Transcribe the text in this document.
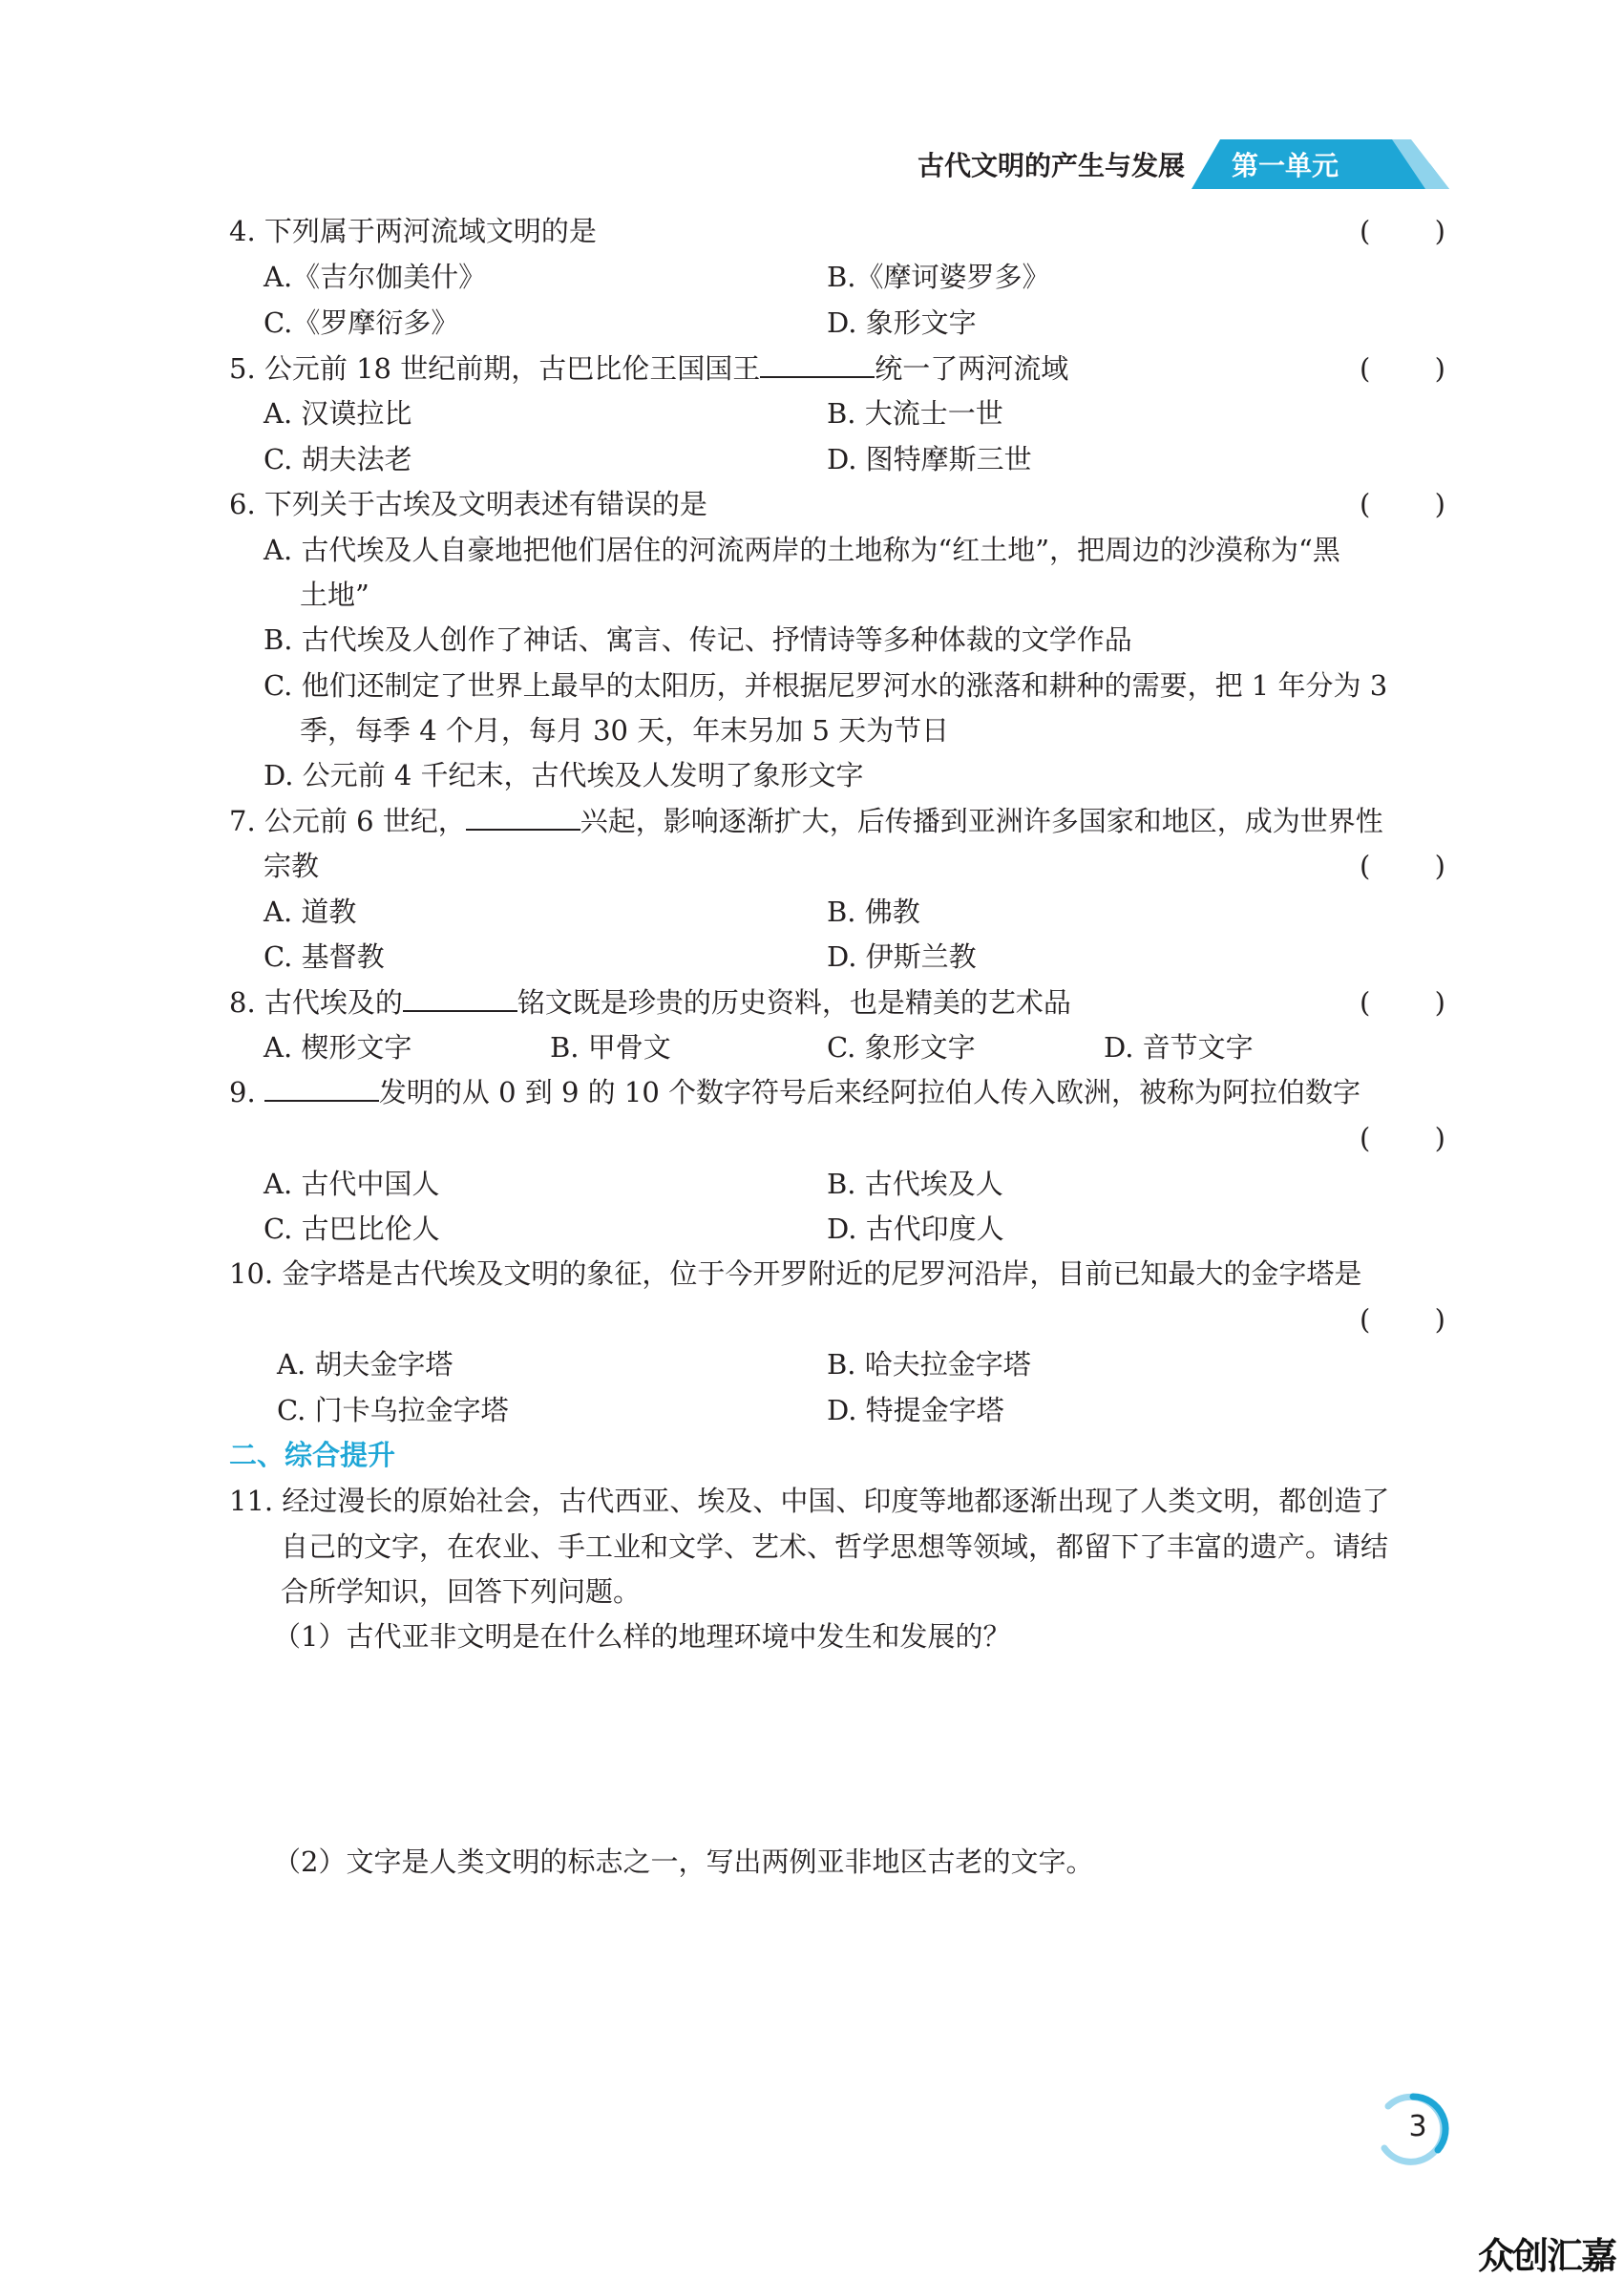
古代文明的产生与发展 第一单元
4. 下列属于两河流域文明的是	( )
A.《吉尔伽美什》	B.《摩诃婆罗多》
C.《罗摩衍多》	D. 象形文字
5. 公元前 18 世纪前期，古巴比伦王国国王	统一了两河流域	( )
A. 汉谟拉比	B. 大流士一世
C. 胡夫法老	D. 图特摩斯三世
6. 下列关于古埃及文明表述有错误的是	( )
A. 古代埃及人自豪地把他们居住的河流两岸的土地称为“红土地”，把周边的沙漠称为“黑
土地”
B. 古代埃及人创作了神话、寓言、传记、抒情诗等多种体裁的文学作品
C. 他们还制定了世界上最早的太阳历，并根据尼罗河水的涨落和耕种的需要，把 1 年分为 3
季，每季 4 个月，每月 30 天，年末另加 5 天为节日
D. 公元前 4 千纪末，古代埃及人发明了象形文字
7. 公元前 6 世纪，	兴起，影响逐渐扩大，后传播到亚洲许多国家和地区，成为世界性
宗教	( )
A. 道教	B. 佛教
C. 基督教	D. 伊斯兰教
8. 古代埃及的	铭文既是珍贵的历史资料，也是精美的艺术品	( )
A. 楔形文字	B. 甲骨文	C. 象形文字	D. 音节文字
9.	发明的从 0 到 9 的 10 个数字符号后来经阿拉伯人传入欧洲，被称为阿拉伯数字
( )
A. 古代中国人	B. 古代埃及人
C. 古巴比伦人	D. 古代印度人
10. 金字塔是古代埃及文明的象征，位于今开罗附近的尼罗河沿岸，目前已知最大的金字塔是
( )
A. 胡夫金字塔	B. 哈夫拉金字塔
C. 门卡乌拉金字塔	D. 特提金字塔
二、综合提升
11. 经过漫长的原始社会，古代西亚、埃及、中国、印度等地都逐渐出现了人类文明，都创造了
自己的文字，在农业、手工业和文学、艺术、哲学思想等领域，都留下了丰富的遗产。请结
合所学知识，回答下列问题。
（1）古代亚非文明是在什么样的地理环境中发生和发展的？
（2）文字是人类文明的标志之一，写出两例亚非地区古老的文字。
3
众创汇嘉
